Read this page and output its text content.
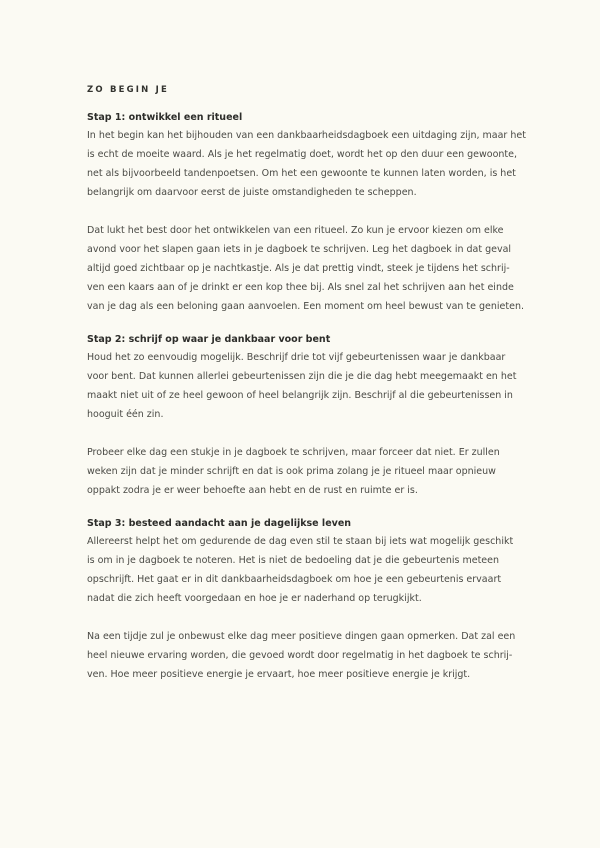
ZO BEGIN JE
Stap 1: ontwikkel een ritueel
In het begin kan het bijhouden van een dankbaarheidsdagboek een uitdaging zijn, maar het
is echt de moeite waard. Als je het regelmatig doet, wordt het op den duur een gewoonte,
net als bijvoorbeeld tandenpoetsen. Om het een gewoonte te kunnen laten worden, is het
belangrijk om daarvoor eerst de juiste omstandigheden te scheppen.
Dat lukt het best door het ontwikkelen van een ritueel. Zo kun je ervoor kiezen om elke
avond voor het slapen gaan iets in je dagboek te schrijven. Leg het dagboek in dat geval
altijd goed zichtbaar op je nachtkastje. Als je dat prettig vindt, steek je tijdens het schrij-
ven een kaars aan of je drinkt er een kop thee bij. Als snel zal het schrijven aan het einde
van je dag als een beloning gaan aanvoelen. Een moment om heel bewust van te genieten.
Stap 2: schrijf op waar je dankbaar voor bent
Houd het zo eenvoudig mogelijk. Beschrijf drie tot vijf gebeurtenissen waar je dankbaar
voor bent. Dat kunnen allerlei gebeurtenissen zijn die je die dag hebt meegemaakt en het
maakt niet uit of ze heel gewoon of heel belangrijk zijn. Beschrijf al die gebeurtenissen in
hooguit één zin.
Probeer elke dag een stukje in je dagboek te schrijven, maar forceer dat niet. Er zullen
weken zijn dat je minder schrijft en dat is ook prima zolang je je ritueel maar opnieuw
oppakt zodra je er weer behoefte aan hebt en de rust en ruimte er is.
Stap 3: besteed aandacht aan je dagelijkse leven
Allereerst helpt het om gedurende de dag even stil te staan bij iets wat mogelijk geschikt
is om in je dagboek te noteren. Het is niet de bedoeling dat je die gebeurtenis meteen
opschrijft. Het gaat er in dit dankbaarheidsdagboek om hoe je een gebeurtenis ervaart
nadat die zich heeft voorgedaan en hoe je er naderhand op terugkijkt.
Na een tijdje zul je onbewust elke dag meer positieve dingen gaan opmerken. Dat zal een
heel nieuwe ervaring worden, die gevoed wordt door regelmatig in het dagboek te schrij-
ven. Hoe meer positieve energie je ervaart, hoe meer positieve energie je krijgt.
